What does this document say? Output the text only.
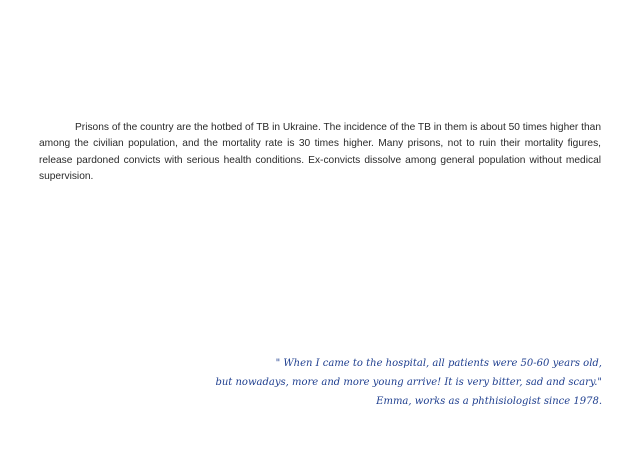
Prisons of the country are the hotbed of TB in Ukraine. The incidence of the TB in them is about 50 times higher than among the civilian population, and the mortality rate is 30 times higher. Many prisons, not to ruin their mortality figures, release pardoned convicts with serious health conditions. Ex-convicts dissolve among general population without medical supervision.

" When I came to the hospital, all patients were 50-60 years old,
but nowadays, more and more young arrive! It is very bitter, sad and scary."
Emma, works as a phthisiologist since 1978.
